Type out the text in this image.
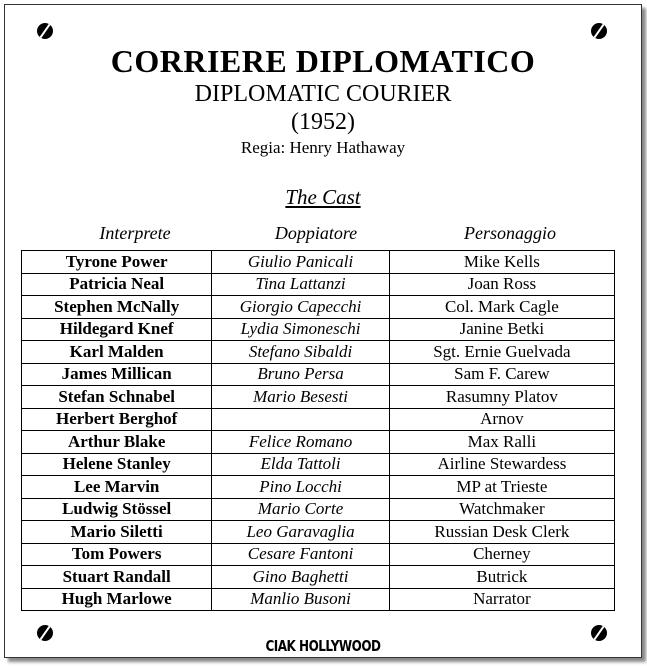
CORRIERE DIPLOMATICO
DIPLOMATIC COURIER
(1952)
Regia: Henry Hathaway
The Cast
Interprete	Doppiatore	Personaggio
Tyrone Power	Giulio Panicali	Mike Kells
Patricia Neal	Tina Lattanzi	Joan Ross
Stephen McNally	Giorgio Capecchi	Col. Mark Cagle
Hildegard Knef	Lydia Simoneschi	Janine Betki
Karl Malden	Stefano Sibaldi	Sgt. Ernie Guelvada
James Millican	Bruno Persa	Sam F. Carew
Stefan Schnabel	Mario Besesti	Rasumny Platov
Herbert Berghof		Arnov
Arthur Blake	Felice Romano	Max Ralli
Helene Stanley	Elda Tattoli	Airline Stewardess
Lee Marvin	Pino Locchi	MP at Trieste
Ludwig Stössel	Mario Corte	Watchmaker
Mario Siletti	Leo Garavaglia	Russian Desk Clerk
Tom Powers	Cesare Fantoni	Cherney
Stuart Randall	Gino Baghetti	Butrick
Hugh Marlowe	Manlio Busoni	Narrator
CIAK HOLLYWOOD
